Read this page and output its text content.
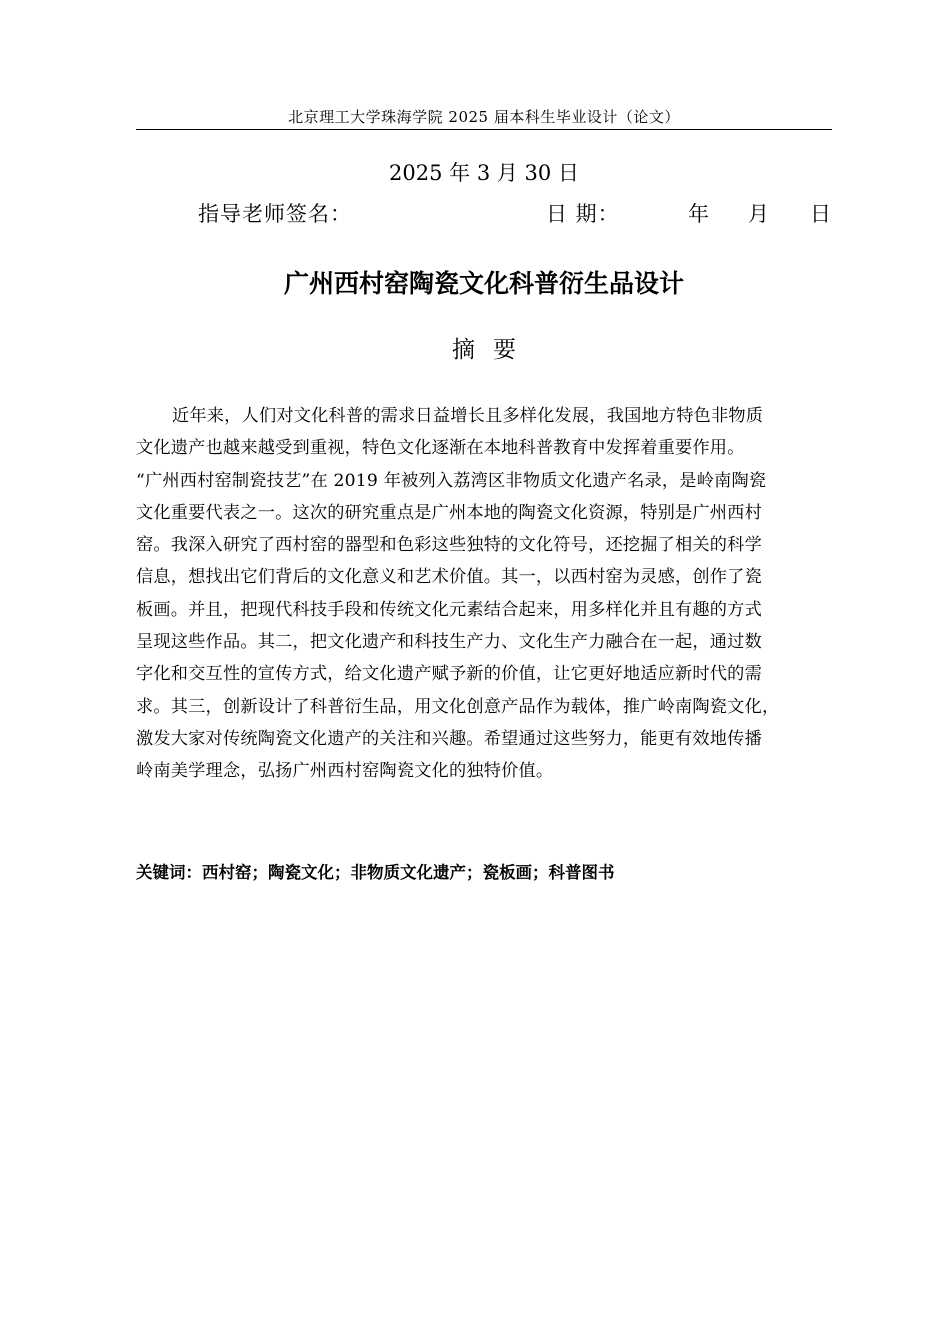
北京理工大学珠海学院 2025 届本科生毕业设计（论文）
2025 年 3 月 30 日
指导老师签名：	日 期：	年 月 日
广州西村窑陶瓷文化科普衍生品设计
摘要
近年来，人们对文化科普的需求日益增长且多样化发展，我国地方特色非物质
文化遗产也越来越受到重视，特色文化逐渐在本地科普教育中发挥着重要作用。
“广州西村窑制瓷技艺”在 2019 年被列入荔湾区非物质文化遗产名录，是岭南陶瓷
文化重要代表之一。这次的研究重点是广州本地的陶瓷文化资源，特别是广州西村
窑。我深入研究了西村窑的器型和色彩这些独特的文化符号，还挖掘了相关的科学
信息，想找出它们背后的文化意义和艺术价值。其一，以西村窑为灵感，创作了瓷
板画。并且，把现代科技手段和传统文化元素结合起来，用多样化并且有趣的方式
呈现这些作品。其二，把文化遗产和科技生产力、文化生产力融合在一起，通过数
字化和交互性的宣传方式，给文化遗产赋予新的价值，让它更好地适应新时代的需
求。其三，创新设计了科普衍生品，用文化创意产品作为载体，推广岭南陶瓷文化，
激发大家对传统陶瓷文化遗产的关注和兴趣。希望通过这些努力，能更有效地传播
岭南美学理念，弘扬广州西村窑陶瓷文化的独特价值。
关键词：西村窑；陶瓷文化；非物质文化遗产；瓷板画；科普图书
